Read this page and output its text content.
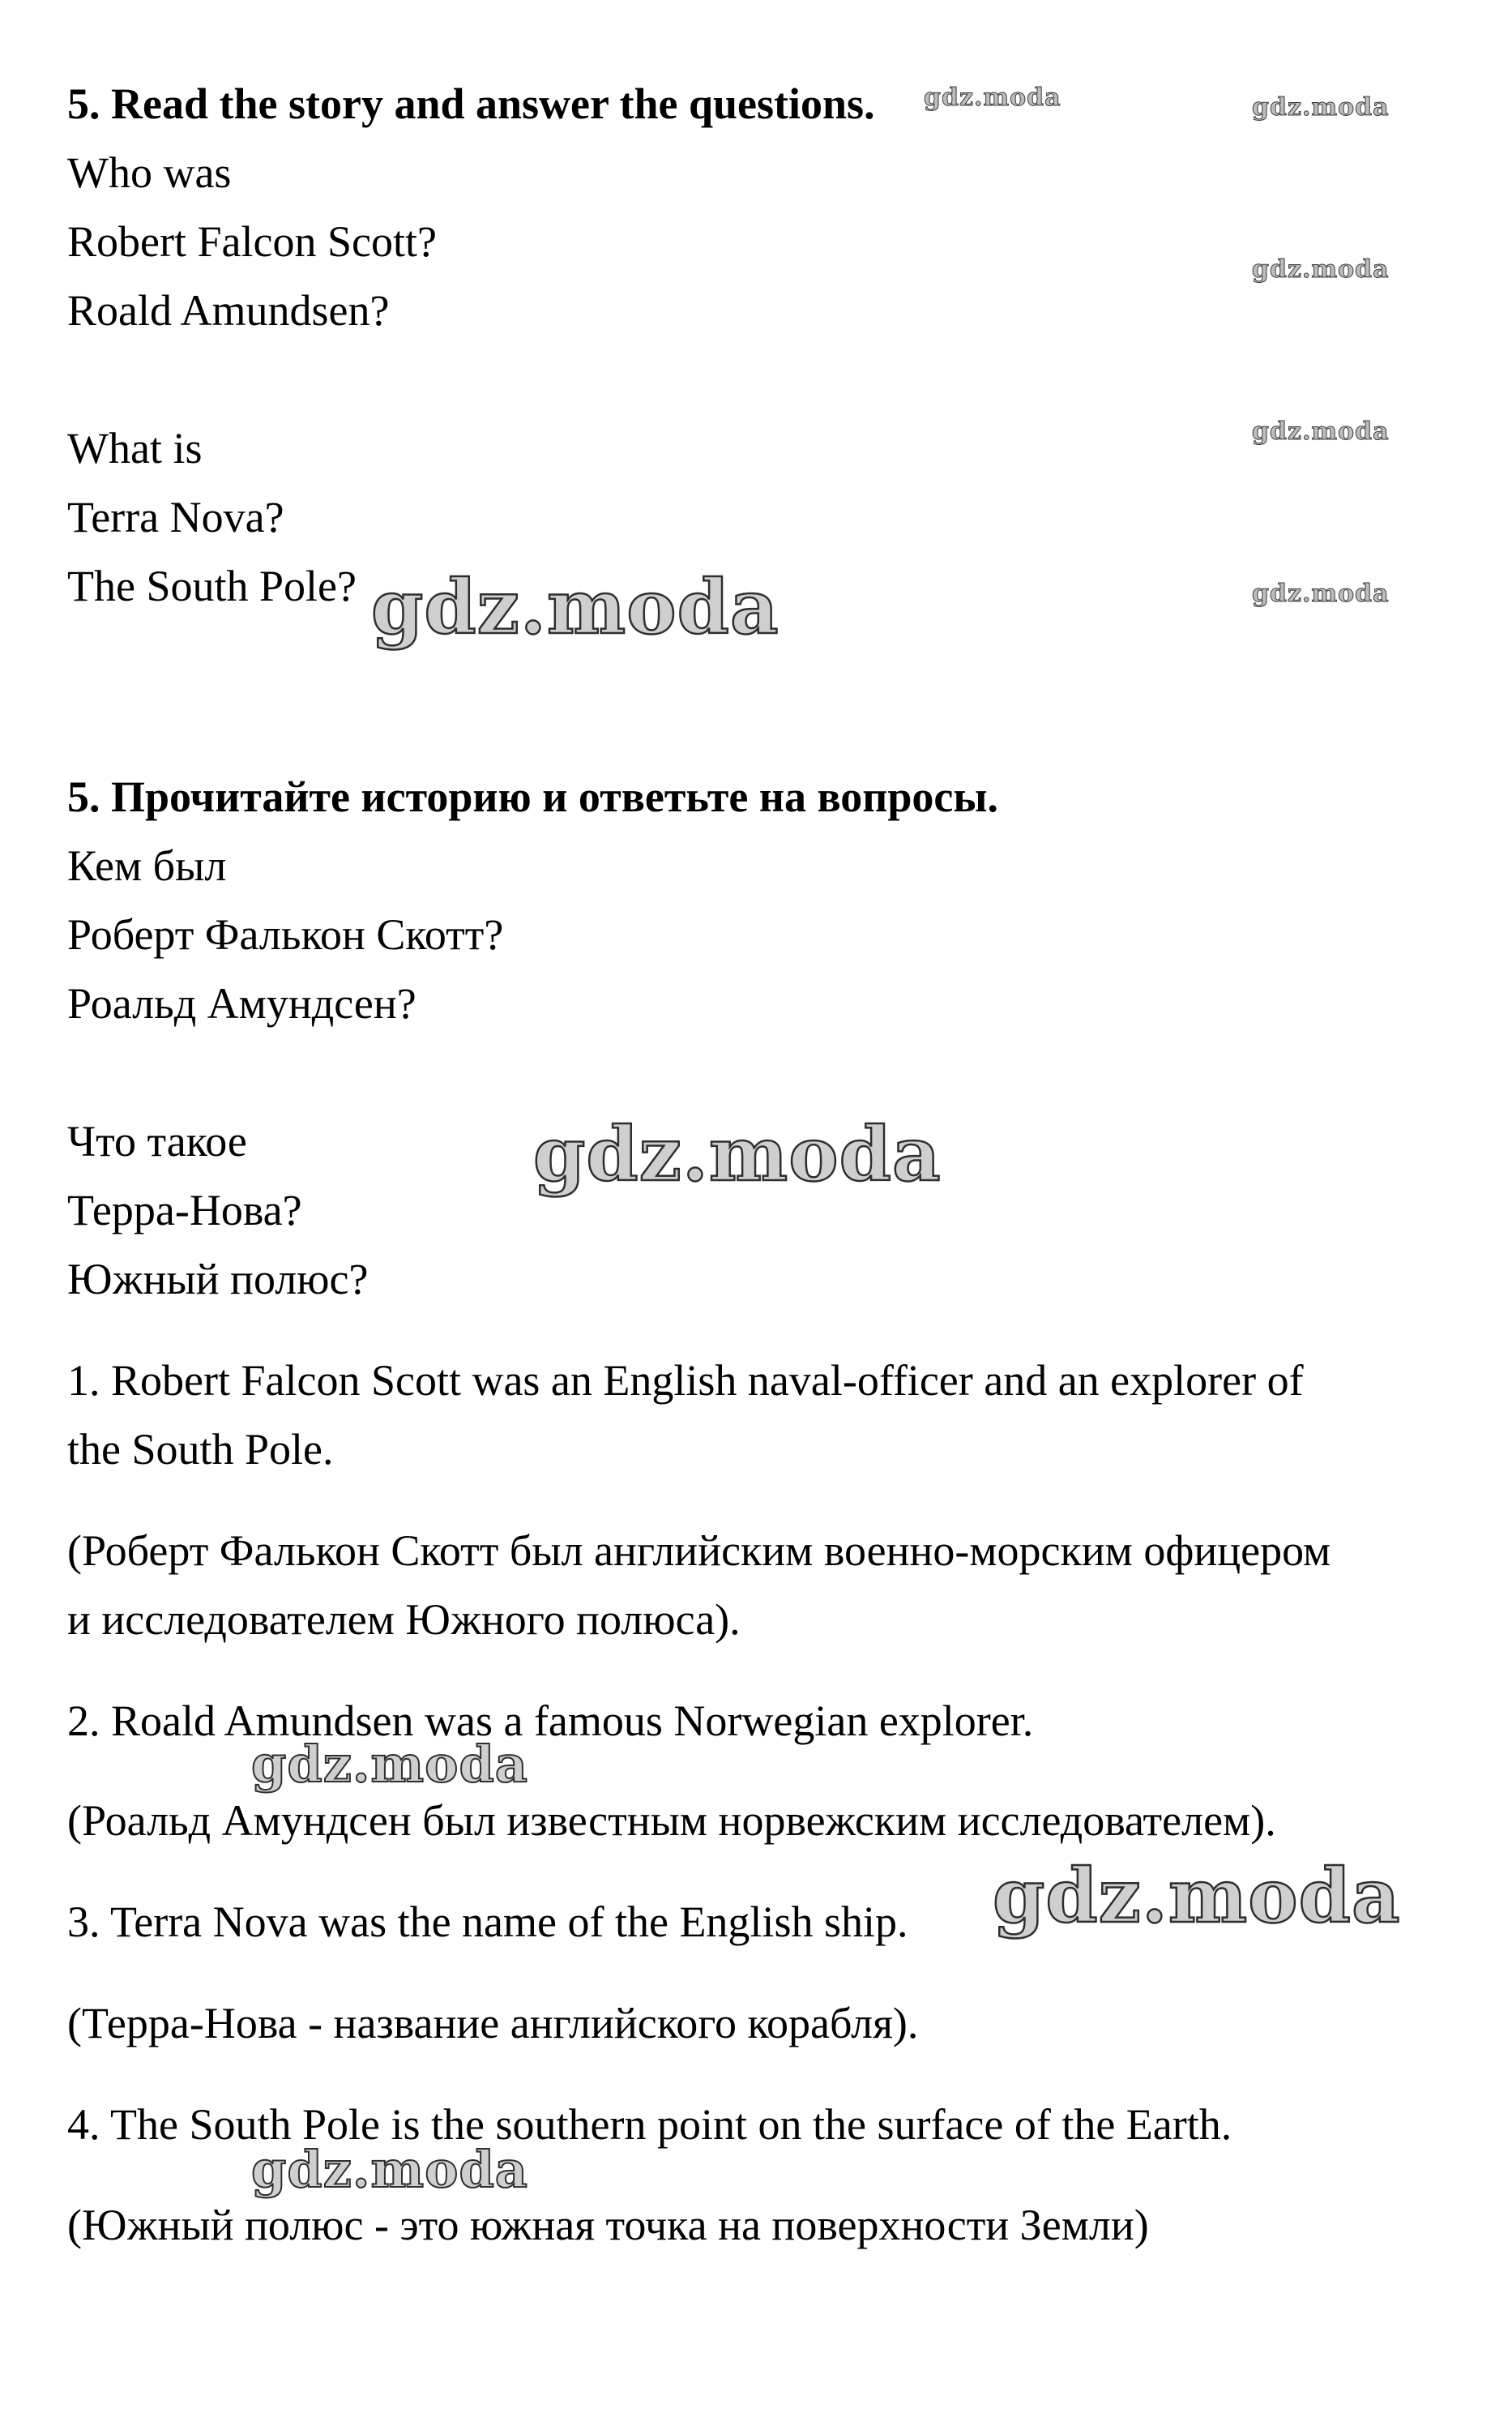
5. Read the story and answer the questions.
Who was
Robert Falcon Scott?
Roald Amundsen?
What is
Terra Nova?
The South Pole?
5. Прочитайте историю и ответьте на вопросы.
Кем был
Роберт Фалькон Скотт?
Роальд Амундсен?
Что такое
Терра-Нова?
Южный полюс?
1. Robert Falcon Scott was an English naval-officer and an explorer of
the South Pole.
(Роберт Фалькон Скотт был английским военно-морским офицером
и исследователем Южного полюса).
2. Roald Amundsen was a famous Norwegian explorer.
(Роальд Амундсен был известным норвежским исследователем).
3. Terra Nova was the name of the English ship.
(Терра-Нова - название английского корабля).
4. The South Pole is the southern point on the surface of the Earth.
(Южный полюс - это южная точка на поверхности Земли)
gdz.moda	gdz.moda
gdz.moda
gdz.moda
gdz.moda
gdz.moda
gdz.moda
gdz.moda
gdz.moda
gdz.moda
